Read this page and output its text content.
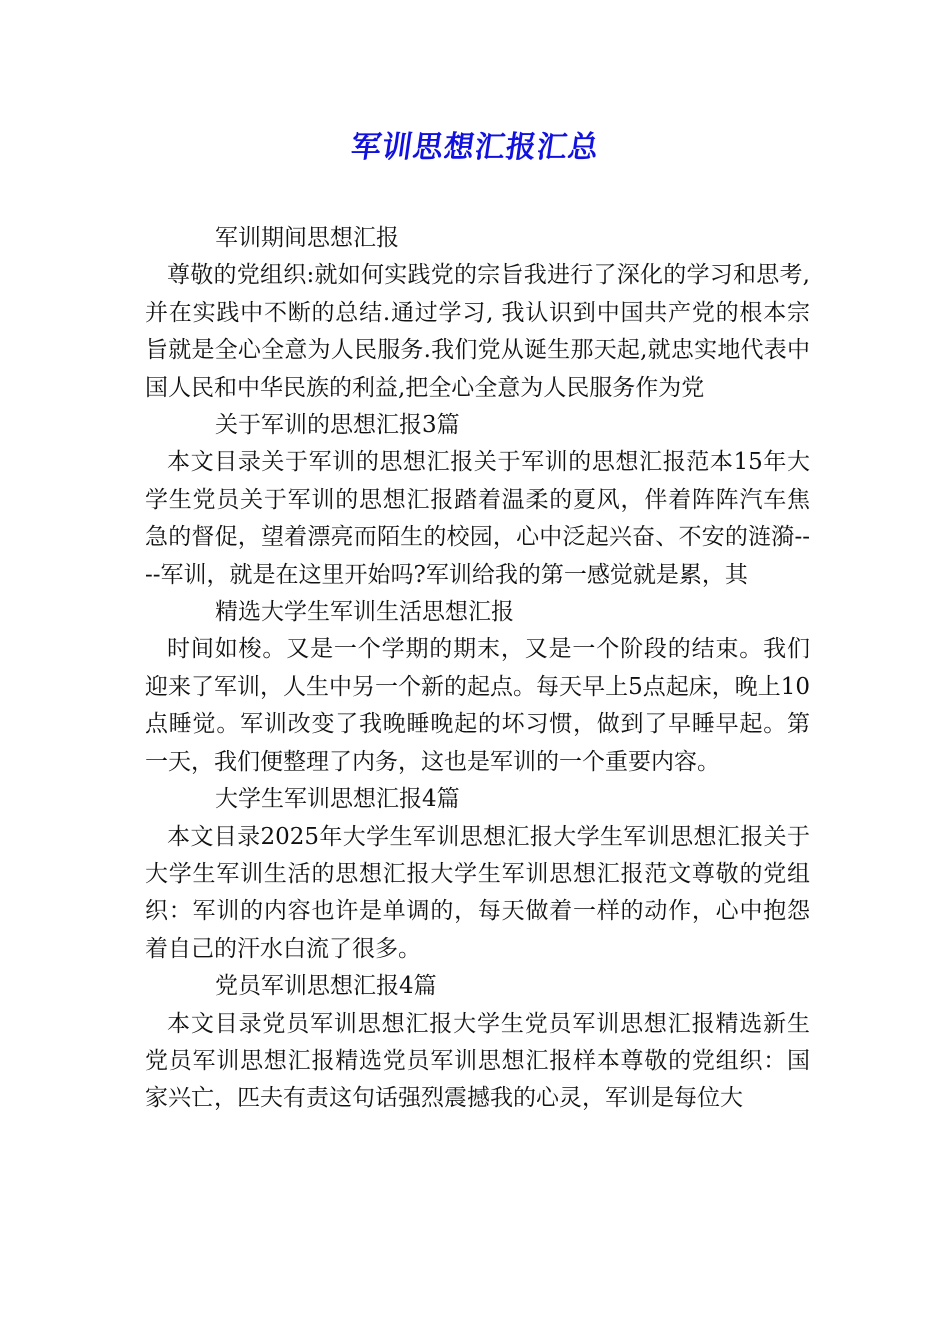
军训思想汇报汇总

军训期间思想汇报

尊敬的党组织:就如何实践党的宗旨我进行了深化的学习和思考,并在实践中不断的总结.通过学习, 我认识到中国共产党的根本宗旨就是全心全意为人民服务.我们党从诞生那天起,就忠实地代表中国人民和中华民族的利益,把全心全意为人民服务作为党

关于军训的思想汇报3篇

本文目录关于军训的思想汇报关于军训的思想汇报范本15年大学生党员关于军训的思想汇报踏着温柔的夏风，伴着阵阵汽车焦急的督促，望着漂亮而陌生的校园，心中泛起兴奋、不安的涟漪----军训，就是在这里开始吗?军训给我的第一感觉就是累，其

精选大学生军训生活思想汇报

时间如梭。又是一个学期的期末，又是一个阶段的结束。我们迎来了军训，人生中另一个新的起点。每天早上5点起床，晚上10点睡觉。军训改变了我晚睡晚起的坏习惯，做到了早睡早起。第一天，我们便整理了内务，这也是军训的一个重要内容。

大学生军训思想汇报4篇

本文目录2025年大学生军训思想汇报大学生军训思想汇报关于大学生军训生活的思想汇报大学生军训思想汇报范文尊敬的党组织：军训的内容也许是单调的，每天做着一样的动作，心中抱怨着自己的汗水白流了很多。

党员军训思想汇报4篇

本文目录党员军训思想汇报大学生党员军训思想汇报精选新生党员军训思想汇报精选党员军训思想汇报样本尊敬的党组织：国家兴亡，匹夫有责这句话强烈震撼我的心灵，军训是每位大
